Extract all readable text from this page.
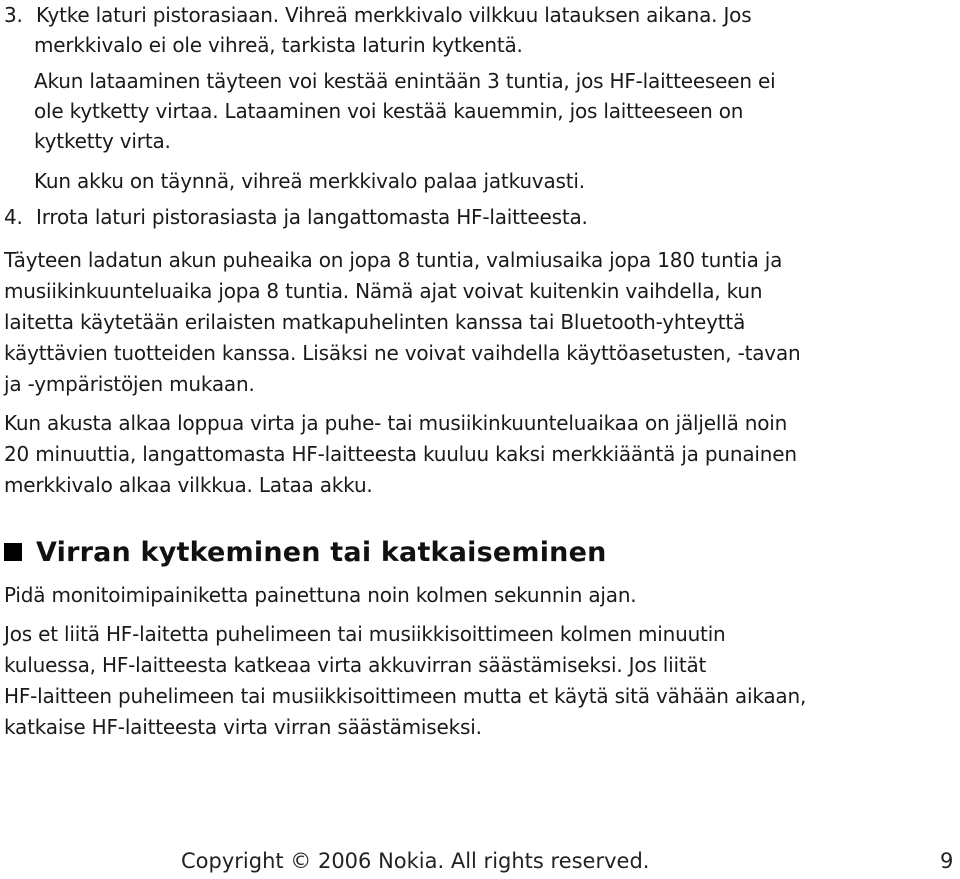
3. Kytke laturi pistorasiaan. Vihreä merkkivalo vilkkuu latauksen aikana. Jos
merkkivalo ei ole vihreä, tarkista laturin kytkentä.
Akun lataaminen täyteen voi kestää enintään 3 tuntia, jos HF-laitteeseen ei
ole kytketty virtaa. Lataaminen voi kestää kauemmin, jos laitteeseen on
kytketty virta.
Kun akku on täynnä, vihreä merkkivalo palaa jatkuvasti.
4. Irrota laturi pistorasiasta ja langattomasta HF-laitteesta.
Täyteen ladatun akun puheaika on jopa 8 tuntia, valmiusaika jopa 180 tuntia ja
musiikinkuunteluaika jopa 8 tuntia. Nämä ajat voivat kuitenkin vaihdella, kun
laitetta käytetään erilaisten matkapuhelinten kanssa tai Bluetooth-yhteyttä
käyttävien tuotteiden kanssa. Lisäksi ne voivat vaihdella käyttöasetusten, -tavan
ja -ympäristöjen mukaan.
Kun akusta alkaa loppua virta ja puhe- tai musiikinkuunteluaikaa on jäljellä noin
20 minuuttia, langattomasta HF-laitteesta kuuluu kaksi merkkiääntä ja punainen
merkkivalo alkaa vilkkua. Lataa akku.
Virran kytkeminen tai katkaiseminen
Pidä monitoimipainiketta painettuna noin kolmen sekunnin ajan.
Jos et liitä HF-laitetta puhelimeen tai musiikkisoittimeen kolmen minuutin
kuluessa, HF-laitteesta katkeaa virta akkuvirran säästämiseksi. Jos liität
HF-laitteen puhelimeen tai musiikkisoittimeen mutta et käytä sitä vähään aikaan,
katkaise HF-laitteesta virta virran säästämiseksi.
Copyright © 2006 Nokia. All rights reserved.	9
